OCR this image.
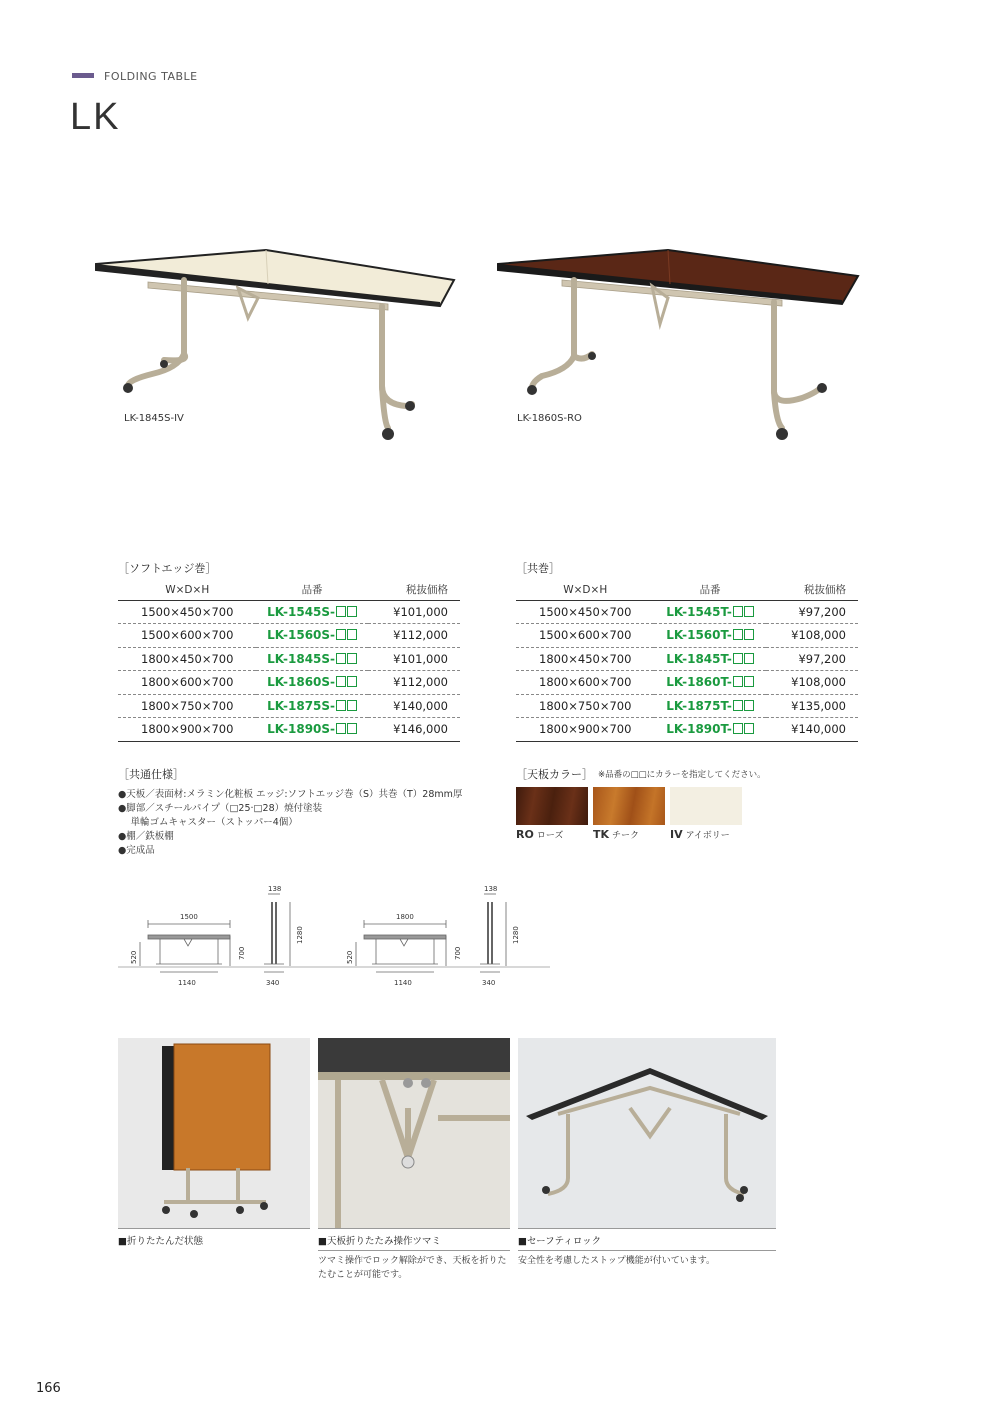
FOLDING TABLE
LK
LK-1845S-IV	LK-1860S-RO
［ソフトエッジ巻］
W×D×H	品番	税抜価格
1500×450×700	LK-1545S-	¥101,000
1500×600×700	LK-1560S-	¥112,000
1800×450×700	LK-1845S-	¥101,000
1800×600×700	LK-1860S-	¥112,000
1800×750×700	LK-1875S-	¥140,000
1800×900×700	LK-1890S-	¥146,000
［共巻］
W×D×H	品番	税抜価格
1500×450×700	LK-1545T-	¥97,200
1500×600×700	LK-1560T-	¥108,000
1800×450×700	LK-1845T-	¥97,200
1800×600×700	LK-1860T-	¥108,000
1800×750×700	LK-1875T-	¥135,000
1800×900×700	LK-1890T-	¥140,000
［共通仕様］
●天板／表面材:メラミン化粧板 エッジ:ソフトエッジ巻（S）共巻（T）28mm厚
●脚部／スチールパイプ（□25·□28）焼付塗装
　 単輪ゴムキャスター（ストッパー4個）
●棚／鉄板棚
●完成品
［天板カラー］ ※品番の□□にカラーを指定してください。
RO ローズ	TK チーク	IV アイボリー
1500
1140
520	700
138
1280
340
1800
1140
520	700
138
1280
340
■折りたたんだ状態	■天板折りたたみ操作ツマミ
ツマミ操作でロック解除ができ、天板を折りたたむことが可能です。
■セーフティロック
安全性を考慮したストップ機能が付いています。
166
